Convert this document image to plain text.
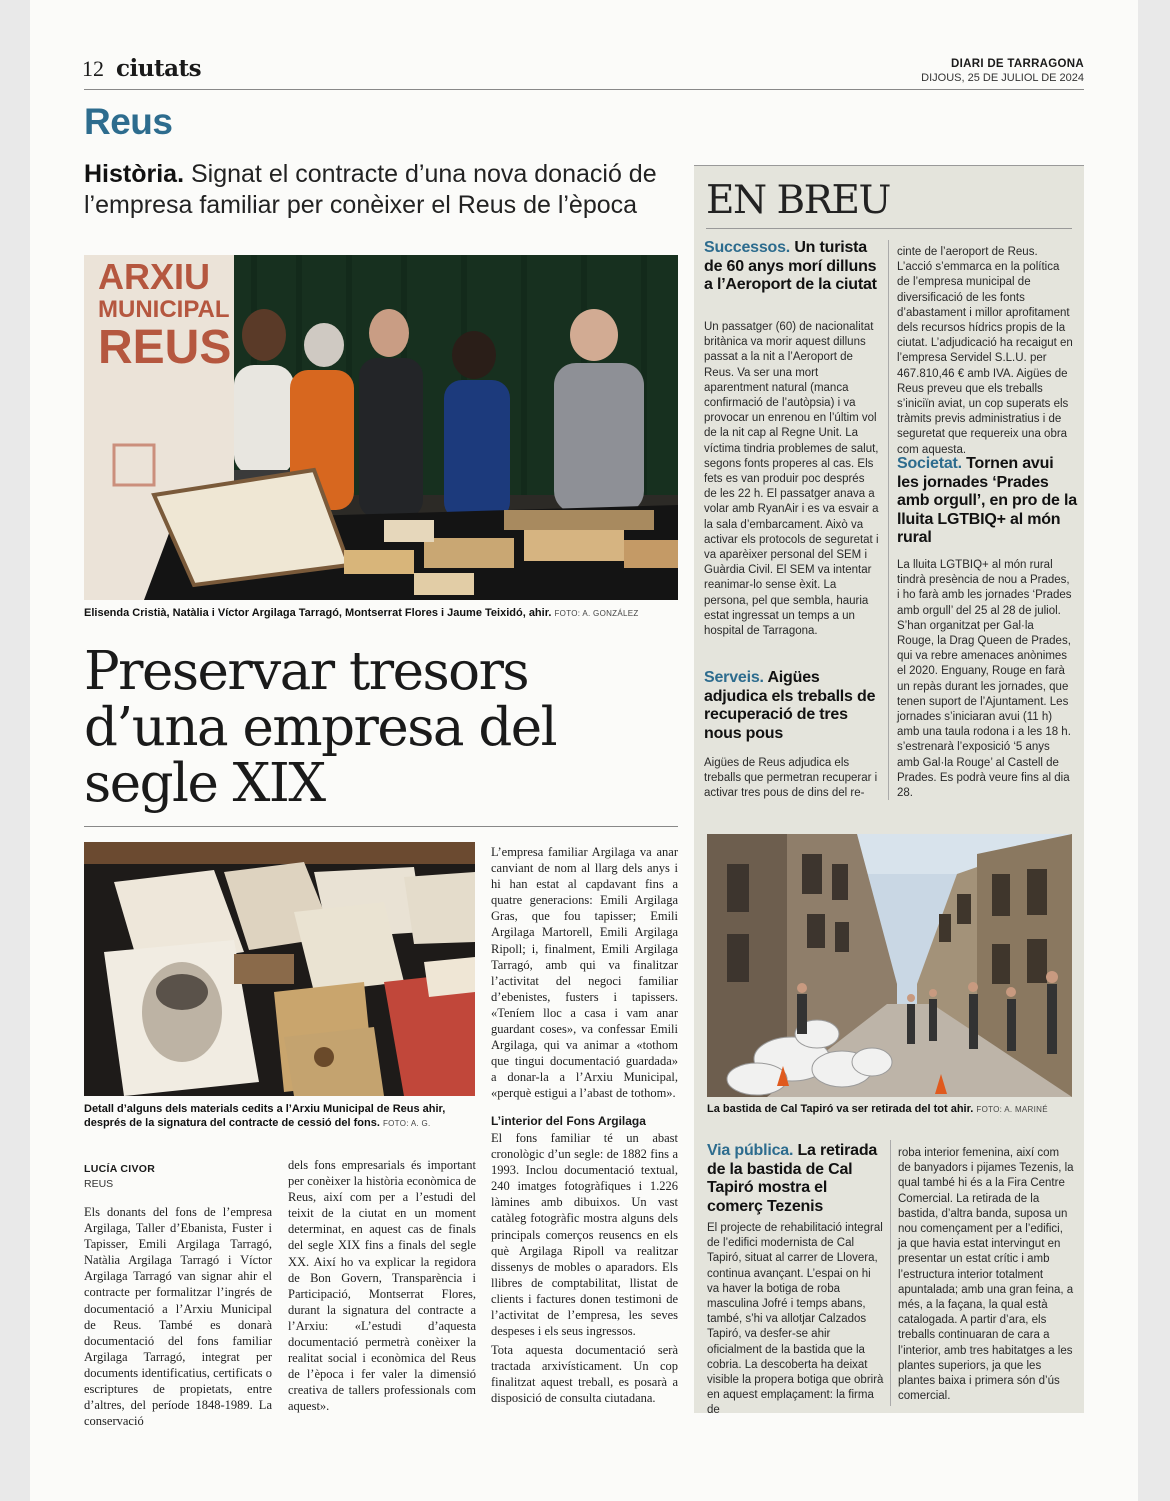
12 ciutats	DIARI DE TARRAGONA
DIJOUS, 25 DE JULIOL DE 2024
Reus
Història. Signat el contracte d’una nova donació de l’empresa familiar per conèixer el Reus de l’època
ARXIU
MUNICIPAL
REUS
Elisenda Cristià, Natàlia i Víctor Argilaga Tarragó, Montserrat Flores i Jaume Teixidó, ahir. FOTO: A. GONZÁLEZ
Preservar tresors d’una empresa del segle XIX
Detall d’alguns dels materials cedits a l’Arxiu Municipal de Reus ahir, després de la signatura del contracte de cessió del fons. FOTO: A. G.
LUCÍA CIVOR
REUS

Els donants del fons de l’empresa Argilaga, Taller d’Ebanista, Fuster i Tapisser, Emili Argilaga Tarragó, Natàlia Argilaga Tarragó i Víctor Argilaga Tarragó van signar ahir el contracte per formalitzar l’ingrés de documentació a l’Arxiu Municipal de Reus. També es donarà documentació del fons familiar Argilaga Tarragó, integrat per documents identificatius, certificats o escriptures de propietats, entre d’altres, del període 1848-1989. La conservació

dels fons empresarials és important per conèixer la història econòmica de Reus, així com per a l’estudi del teixit de la ciutat en un moment determinat, en aquest cas de finals del segle XIX fins a finals del segle XX. Així ho va explicar la regidora de Bon Govern, Transparència i Participació, Montserrat Flores, durant la signatura del contracte a l’Arxiu: «L’estudi d’aquesta documentació permetrà conèixer la realitat social i econòmica del Reus de l’època i fer valer la dimensió creativa de tallers professionals com aquest».

L’empresa familiar Argilaga va anar canviant de nom al llarg dels anys i hi han estat al capdavant fins a quatre generacions: Emili Argilaga Gras, que fou tapisser; Emili Argilaga Martorell, Emili Argilaga Ripoll; i, finalment, Emili Argilaga Tarragó, amb qui va finalitzar l’activitat del negoci familiar d’ebenistes, fusters i tapissers. «Teníem lloc a casa i vam anar guardant coses», va confessar Emili Argilaga, qui va animar a «tothom que tingui documentació guardada» a donar-la a l’Arxiu Municipal, «perquè estigui a l’abast de tothom».

L’interior del Fons Argilaga

El fons familiar té un abast cronològic d’un segle: de 1882 fins a 1993. Inclou documentació textual, 240 imatges fotogràfiques i 1.226 làmines amb dibuixos. Un vast catàleg fotogràfic mostra alguns dels principals comerços reusencs en els què Argilaga Ripoll va realitzar dissenys de mobles o aparadors. Els llibres de comptabilitat, llistat de clients i factures donen testimoni de l’activitat de l’empresa, les seves despeses i els seus ingressos.

Tota aquesta documentació serà tractada arxivísticament. Un cop finalitzat aquest treball, es posarà a disposició de consulta ciutadana.

EN BREU
Successos. Un turista de 60 anys morí dilluns a l’Aeroport de la ciutat

Un passatger (60) de nacionalitat britànica va morir aquest dilluns passat a la nit a l’Aeroport de Reus. Va ser una mort aparentment natural (manca confirmació de l’autòpsia) i va provocar un enrenou en l’últim vol de la nit cap al Regne Unit. La víctima tindria problemes de salut, segons fonts properes al cas. Els fets es van produir poc després de les 22 h. El passatger anava a volar amb RyanAir i es va esvair a la sala d’embarcament. Això va activar els protocols de seguretat i va aparèixer personal del SEM i Guàrdia Civil. El SEM va intentar reanimar-lo sense èxit. La persona, pel que sembla, hauria estat ingressat un temps a un hospital de Tarragona.

Serveis. Aigües adjudica els treballs de recuperació de tres nous pous

Aigües de Reus adjudica els treballs que permetran recuperar i activar tres pous de dins del re-

cinte de l’aeroport de Reus. L’acció s’emmarca en la política de l’empresa municipal de diversificació de les fonts d’abastament i millor aprofitament dels recursos hídrics propis de la ciutat. L’adjudicació ha recaigut en l’empresa Servidel S.L.U. per 467.810,46 € amb IVA. Aigües de Reus preveu que els treballs s’iniciïn aviat, un cop superats els tràmits previs administratius i de seguretat que requereix una obra com aquesta.

Societat. Tornen avui les jornades ‘Prades amb orgull’, en pro de la lluita LGTBIQ+ al món rural

La lluita LGTBIQ+ al món rural tindrà presència de nou a Prades, i ho farà amb les jornades ‘Prades amb orgull’ del 25 al 28 de juliol. S’han organitzat per Gal·la Rouge, la Drag Queen de Prades, qui va rebre amenaces anònimes el 2020. Enguany, Rouge en farà un repàs durant les jornades, que tenen suport de l’Ajuntament. Les jornades s’iniciaran avui (11 h) amb una taula rodona i a les 18 h. s’estrenarà l’exposició ‘5 anys amb Gal·la Rouge’ al Castell de Prades. Es podrà veure fins al dia 28.

La bastida de Cal Tapiró va ser retirada del tot ahir. FOTO: A. MARINÉ
Via pública. La retirada de la bastida de Cal Tapiró mostra el comerç Tezenis

El projecte de rehabilitació integral de l’edifici modernista de Cal Tapiró, situat al carrer de Llovera, continua avançant. L’espai on hi va haver la botiga de roba masculina Jofré i temps abans, també, s’hi va allotjar Calzados Tapiró, va desfer-se ahir oficialment de la bastida que la cobria. La descoberta ha deixat visible la propera botiga que obrirà en aquest emplaçament: la firma de

roba interior femenina, així com de banyadors i pijames Tezenis, la qual també hi és a la Fira Centre Comercial. La retirada de la bastida, d’altra banda, suposa un nou començament per a l’edifici, ja que havia estat intervingut en presentar un estat crític i amb l’estructura interior totalment apuntalada; amb una gran feina, a més, a la façana, la qual està catalogada. A partir d’ara, els treballs continuaran de cara a l’interior, amb tres habitatges a les plantes superiors, ja que les plantes baixa i primera són d’ús comercial.
